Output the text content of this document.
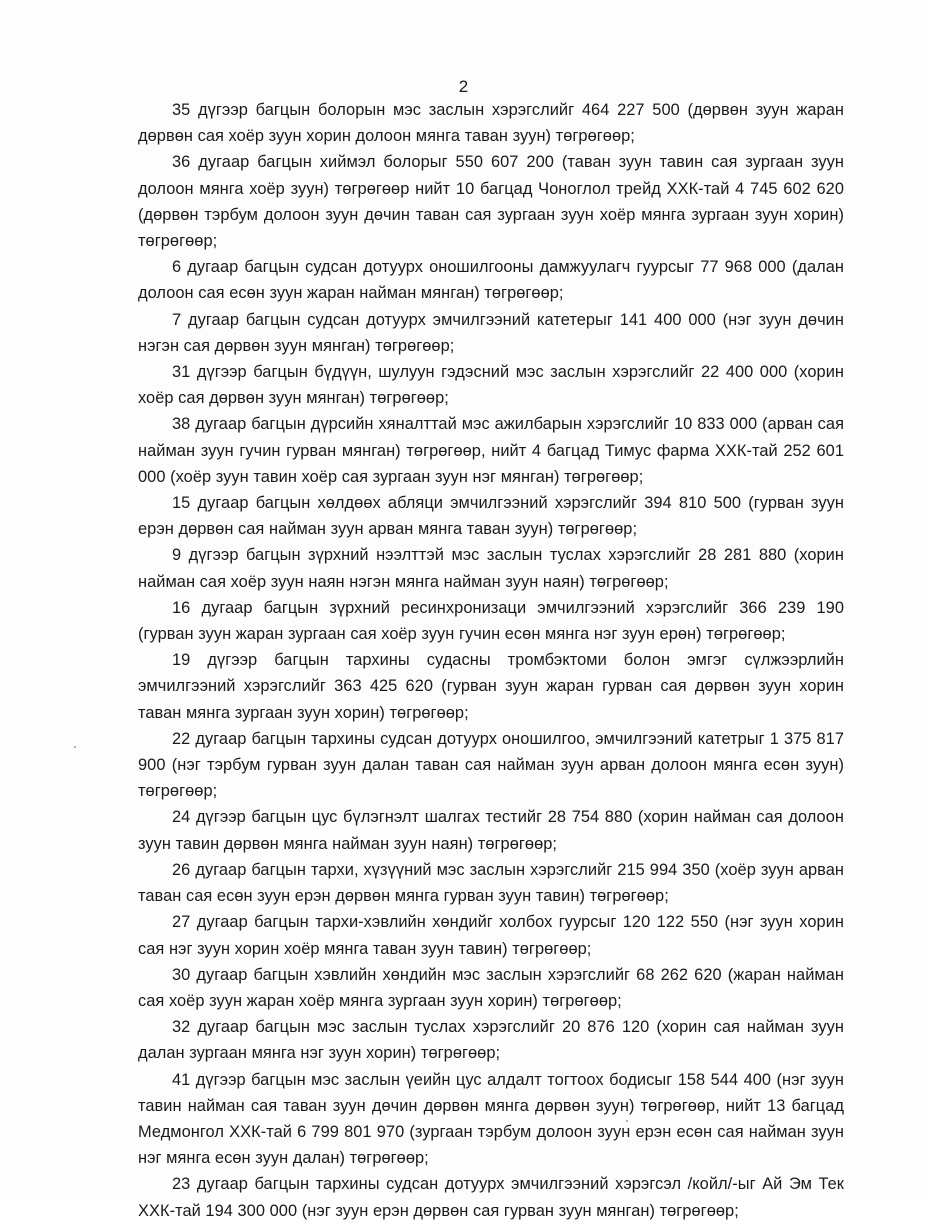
2

35 дүгээр багцын болорын мэс заслын хэрэгслийг 464 227 500 (дөрвөн зуун жаран дөрвөн сая хоёр зуун хорин долоон мянга таван зуун) төгрөгөөр;

36 дугаар багцын хиймэл болорыг 550 607 200 (таван зуун тавин сая зургаан зуун долоон мянга хоёр зуун) төгрөгөөр нийт 10 багцад Чоноглол трейд ХХК-тай 4 745 602 620 (дөрвөн тэрбум долоон зуун дөчин таван сая зургаан зуун хоёр мянга зургаан зуун хорин) төгрөгөөр;

6 дугаар багцын судсан дотуурх оношилгооны дамжуулагч гуурсыг 77 968 000 (далан долоон сая есөн зуун жаран найман мянган) төгрөгөөр;

7 дугаар багцын судсан дотуурх эмчилгээний катетерыг 141 400 000 (нэг зуун дөчин нэгэн сая дөрвөн зуун мянган) төгрөгөөр;

31 дүгээр багцын бүдүүн, шулуун гэдэсний мэс заслын хэрэгслийг 22 400 000 (хорин хоёр сая дөрвөн зуун мянган) төгрөгөөр;

38 дугаар багцын дүрсийн хяналттай мэс ажилбарын хэрэгслийг 10 833 000 (арван сая найман зуун гучин гурван мянган) төгрөгөөр, нийт 4 багцад Тимус фарма ХХК-тай 252 601 000 (хоёр зуун тавин хоёр сая зургаан зуун нэг мянган) төгрөгөөр;

15 дугаар багцын хөлдөөх абляци эмчилгээний хэрэгслийг 394 810 500 (гурван зуун ерэн дөрвөн сая найман зуун арван мянга таван зуун) төгрөгөөр;

9 дүгээр багцын зүрхний нээлттэй мэс заслын туслах хэрэгслийг 28 281 880 (хорин найман сая хоёр зуун наян нэгэн мянга найман зуун наян) төгрөгөөр;

16 дугаар багцын зүрхний ресинхронизаци эмчилгээний хэрэгслийг 366 239 190 (гурван зуун жаран зургаан сая хоёр зуун гучин есөн мянга нэг зуун ерөн) төгрөгөөр;

19 дүгээр багцын тархины судасны тромбэктоми болон эмгэг сүлжээрлийн эмчилгээний хэрэгслийг 363 425 620 (гурван зуун жаран гурван сая дөрвөн зуун хорин таван мянга зургаан зуун хорин) төгрөгөөр;

22 дугаар багцын тархины судсан дотуурх оношилгоо, эмчилгээний катетрыг 1 375 817 900 (нэг тэрбум гурван зуун далан таван сая найман зуун арван долоон мянга есөн зуун) төгрөгөөр;

24 дүгээр багцын цус бүлэгнэлт шалгах тестийг 28 754 880 (хорин найман сая долоон зуун тавин дөрвөн мянга найман зуун наян) төгрөгөөр;

26 дугаар багцын тархи, хүзүүний мэс заслын хэрэгслийг 215 994 350 (хоёр зуун арван таван сая есөн зуун ерэн дөрвөн мянга гурван зуун тавин) төгрөгөөр;

27 дугаар багцын тархи-хэвлийн хөндийг холбох гуурсыг 120 122 550 (нэг зуун хорин сая нэг зуун хорин хоёр мянга таван зуун тавин) төгрөгөөр;

30 дугаар багцын хэвлийн хөндийн мэс заслын хэрэгслийг 68 262 620 (жаран найман сая хоёр зуун жаран хоёр мянга зургаан зуун хорин) төгрөгөөр;

32 дугаар багцын мэс заслын туслах хэрэгслийг 20 876 120 (хорин сая найман зуун далан зургаан мянга нэг зуун хорин) төгрөгөөр;

41 дүгээр багцын мэс заслын үеийн цус алдалт тогтоох бодисыг 158 544 400 (нэг зуун тавин найман сая таван зуун дөчин дөрвөн мянга дөрвөн зуун) төгрөгөөр, нийт 13 багцад Медмонгол ХХК-тай 6 799 801 970 (зургаан тэрбум долоон зуун ерэн есөн сая найман зуун нэг мянга есөн зуун далан) төгрөгөөр;

23 дугаар багцын тархины судсан дотуурх эмчилгээний хэрэгсэл /койл/-ыг Ай Эм Тек ХХК-тай 194 300 000 (нэг зуун ерэн дөрвөн сая гурван зуун мянган) төгрөгөөр;
